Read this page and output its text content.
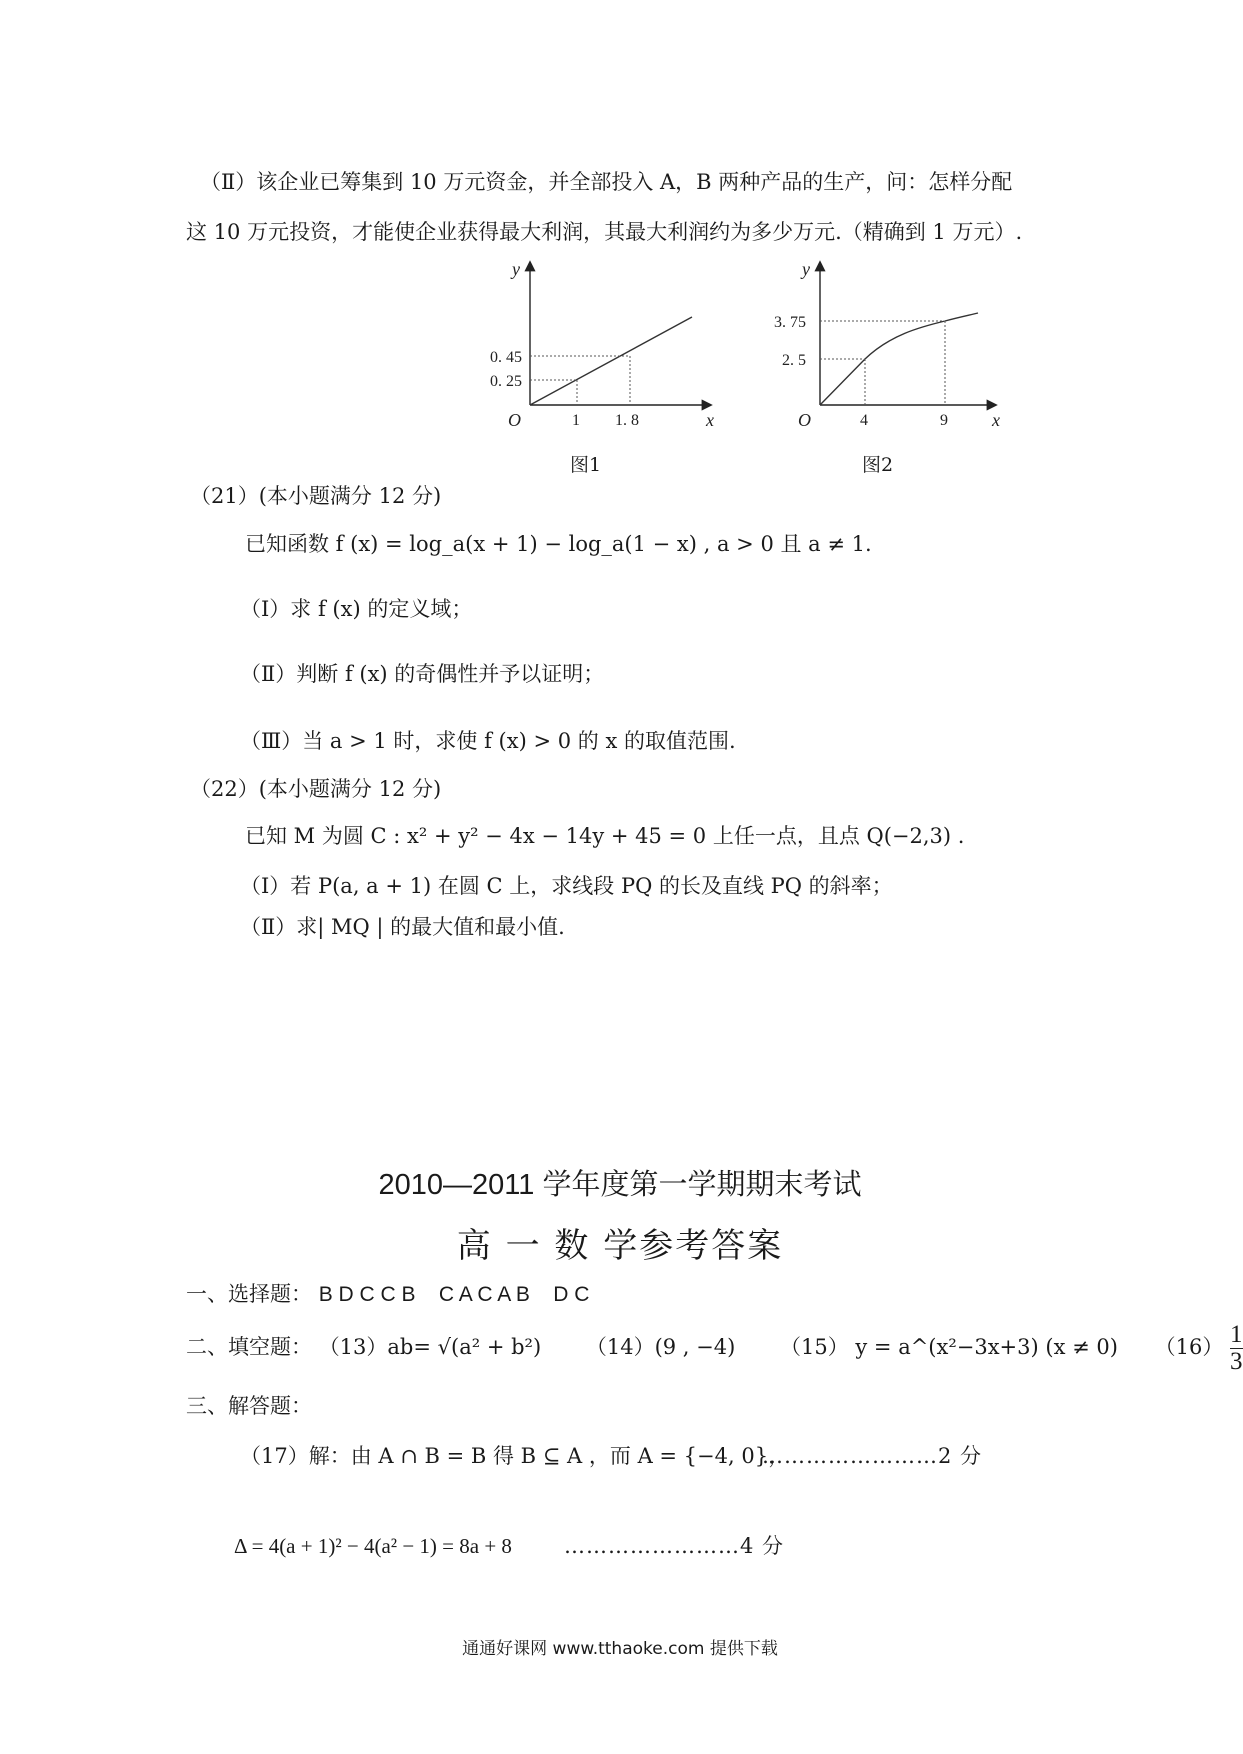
（Ⅱ）该企业已筹集到 10 万元资金，并全部投入 A，B 两种产品的生产，问：怎样分配
这 10 万元投资，才能使企业获得最大利润，其最大利润约为多少万元.（精确到 1 万元）.
y
x
O	1 1. 8
0. 25
0. 45
图1
y
x
O	4	9
2. 5
3. 75
图2
（21）(本小题满分 12 分)
已知函数 f (x) = log_a(x + 1) − log_a(1 − x) , a > 0 且 a ≠ 1.
（Ⅰ）求 f (x) 的定义域；
（Ⅱ）判断 f (x) 的奇偶性并予以证明；
（Ⅲ）当 a > 1 时，求使 f (x) > 0 的 x 的取值范围.
（22）(本小题满分 12 分)
已知 M 为圆 C : x² + y² − 4x − 14y + 45 = 0 上任一点，且点 Q(−2,3) .
（Ⅰ）若 P(a, a + 1) 在圆 C 上，求线段 PQ 的长及直线 PQ 的斜率；
（Ⅱ）求| MQ | 的最大值和最小值.
2010—2011 学年度第一学期期末考试
高 一 数 学参考答案
一、选择题： B D C C B    C A C A B    D C
二、填空题： （13）ab= √(a² + b²) （14）(9 , −4) （15） y = a^(x²−3x+3) (x ≠ 0) $(16) \frac{1}{3}$
三、解答题：
（17）解：由 A ∩ B = B 得 B ⊆ A ，而 A = {−4, 0}，
……………………2 分
Δ = 4(a + 1)² − 4(a² − 1) = 8a + 8 ……………………4 分
通通好课网 www.tthaoke.com 提供下载
